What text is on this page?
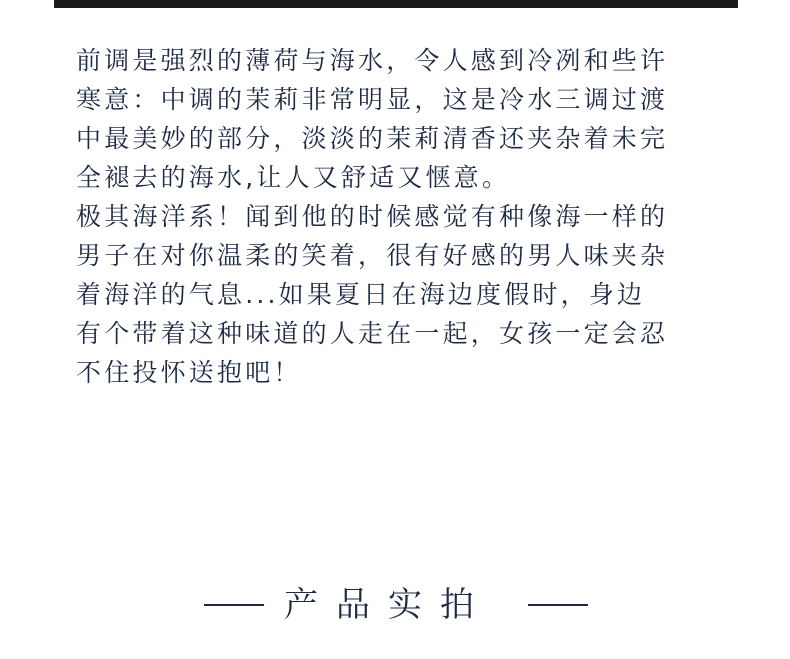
前调是强烈的薄荷与海水，令人感到冷冽和些许
寒意：中调的茉莉非常明显，这是冷水三调过渡
中最美妙的部分，淡淡的茉莉清香还夹杂着未完
全褪去的海水,让人又舒适又惬意。
极其海洋系！闻到他的时候感觉有种像海一样的
男子在对你温柔的笑着，很有好感的男人味夹杂
着海洋的气息...如果夏日在海边度假时，身边
有个带着这种味道的人走在一起，女孩一定会忍
不住投怀送抱吧！
产品实拍
